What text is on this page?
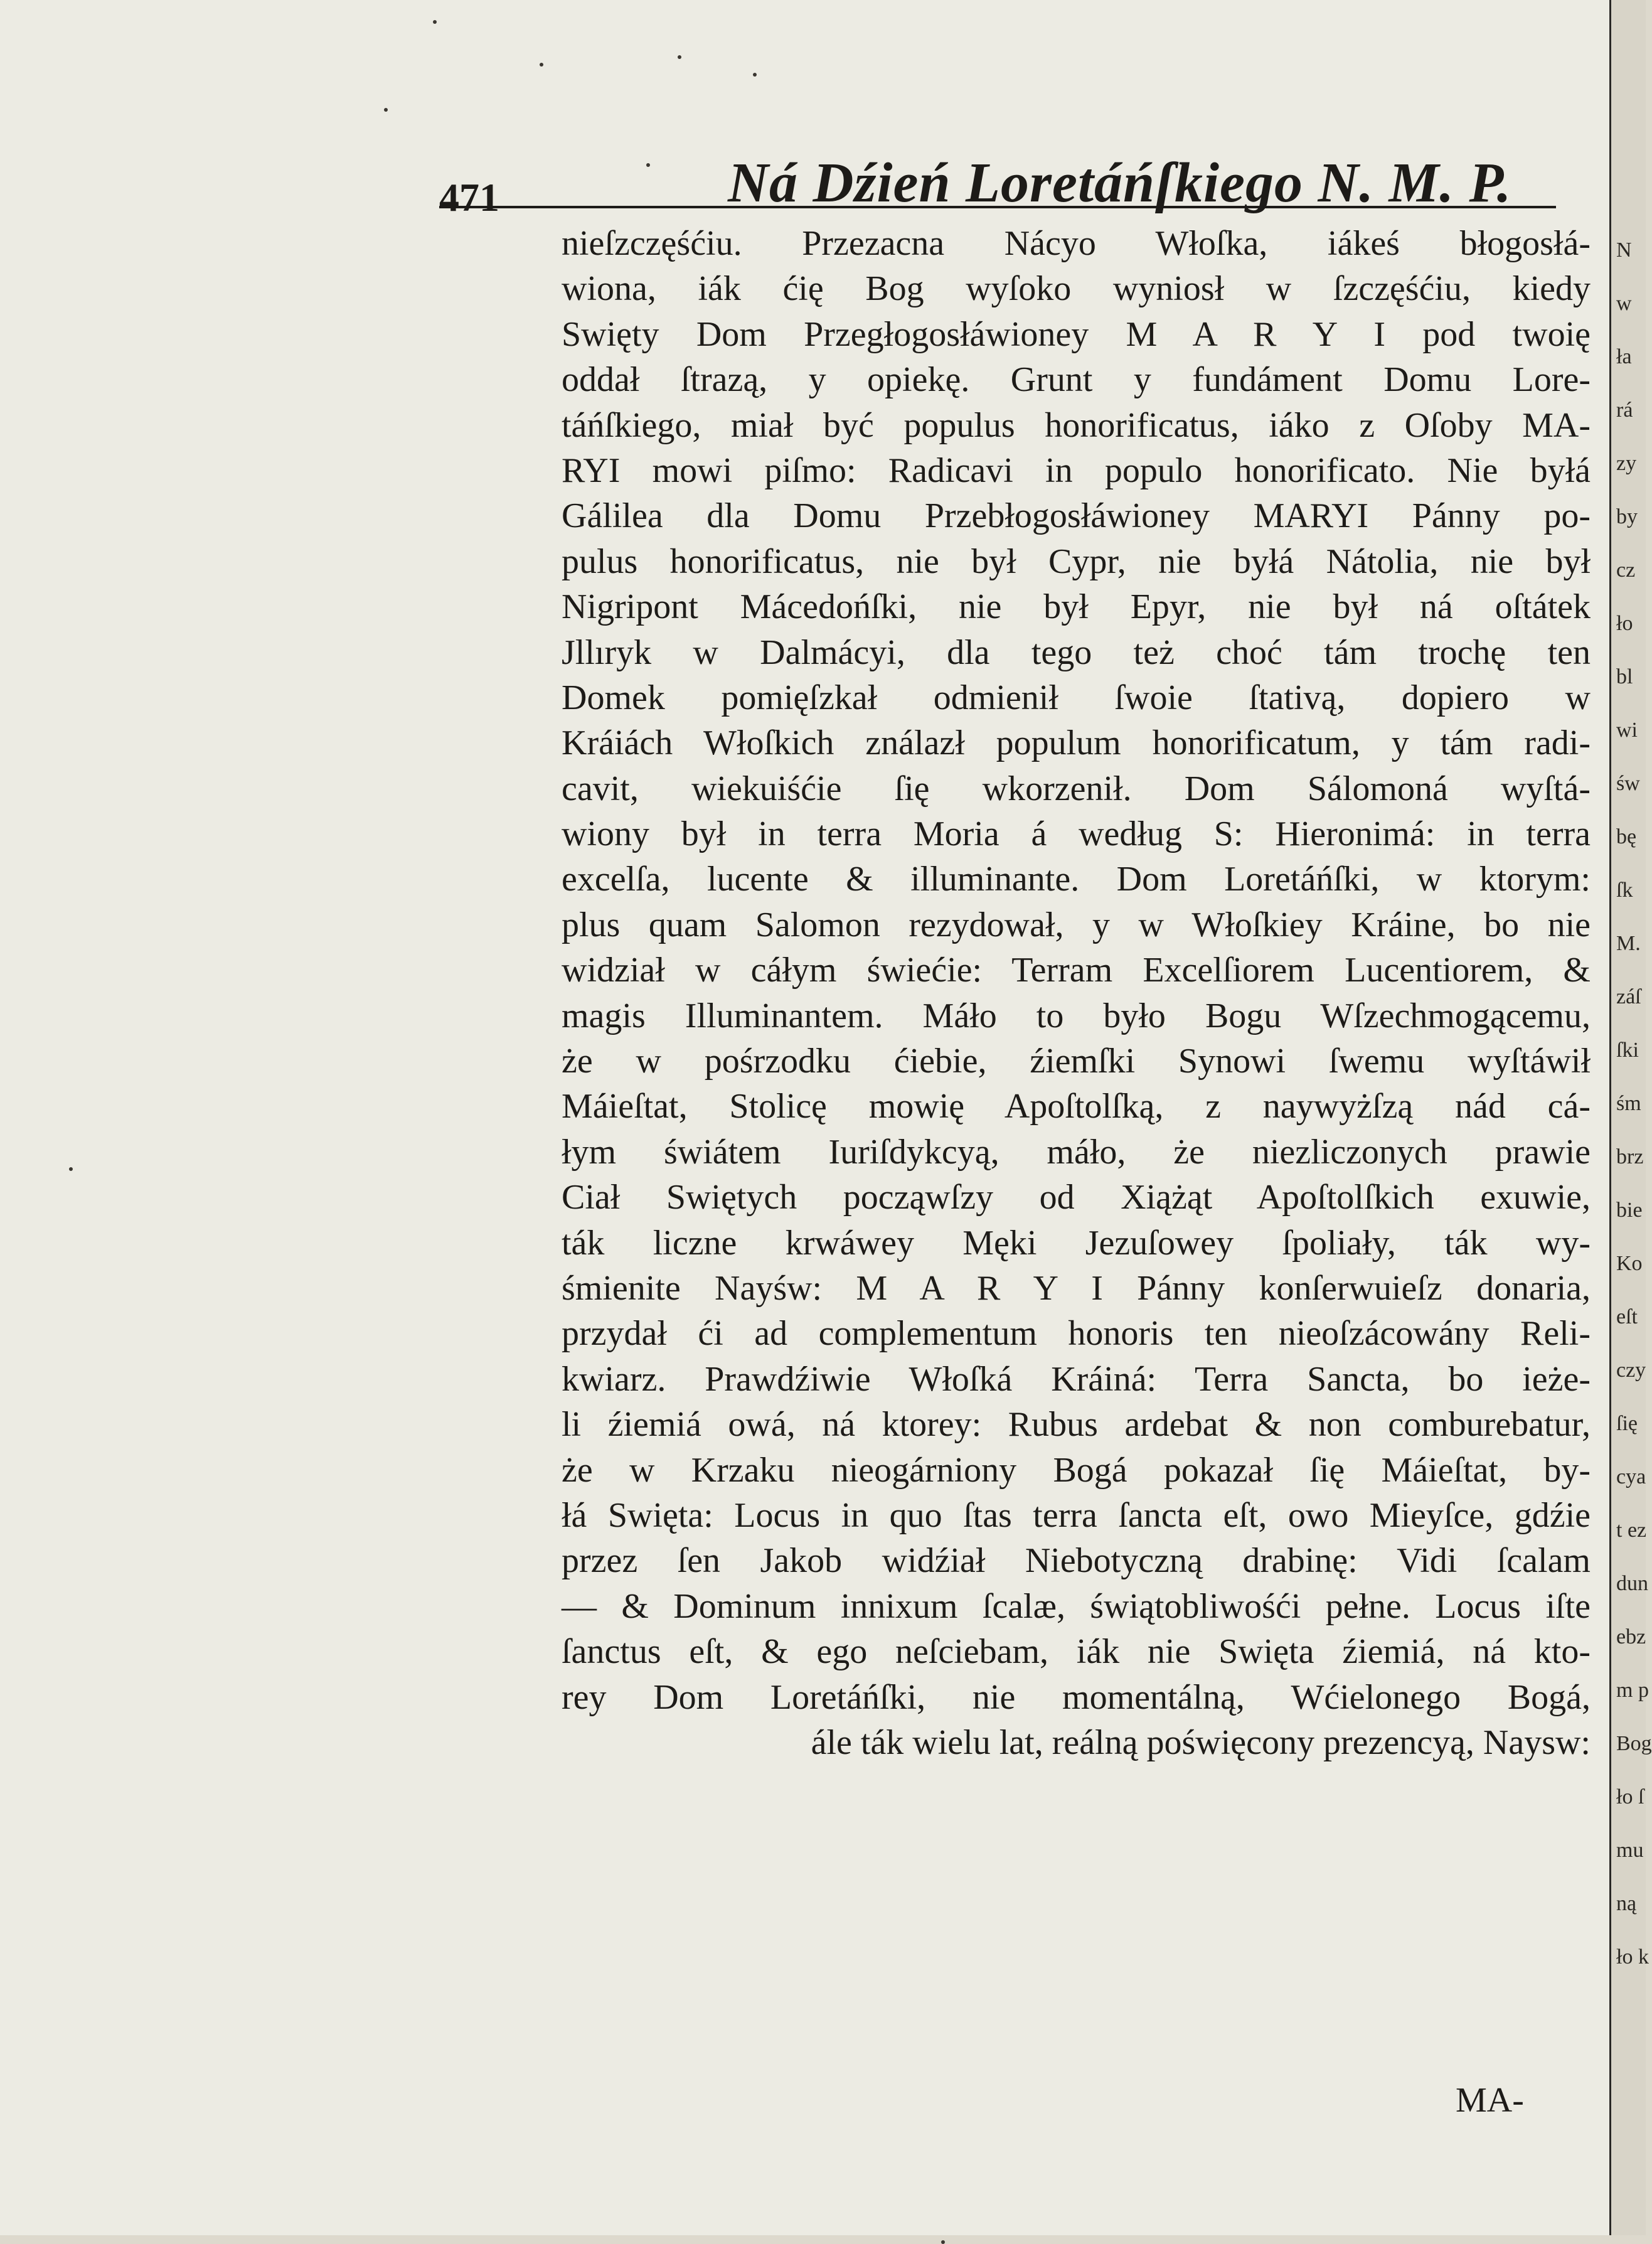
471	Ná Dźień Loretáńſkiego N. M. P.
nieſzczęśćiu. Przezacna Nácyo Włoſka, iákeś błogosłá-
wiona, iák ćię Bog wyſoko wyniosł w ſzczęśćiu, kiedy
Swięty Dom Przegłogosłáwioney M A R Y I pod twoię
oddał ſtrazą, y opiekę. Grunt y fundáment Domu Lore-
táńſkiego, miał być populus honorificatus, iáko z Oſoby MA-
RYI mowi piſmo: Radicavi in populo honorificato. Nie byłá
Gálilea dla Domu Przebłogosłáwioney MARYI Pánny po-
pulus honorificatus, nie był Cypr, nie byłá Nátolia, nie był
Nigripont Mácedońſki, nie był Epyr, nie był ná oſtátek
Jllıryk w Dalmácyi, dla tego też choć tám trochę ten
Domek pomięſzkał odmienił ſwoie ſtativą, dopiero w
Kráiách Włoſkich ználazł populum honorificatum, y tám radi-
cavit, wiekuiśćie ſię wkorzenił. Dom Sálomoná wyſtá-
wiony był in terra Moria á według S: Hieronimá: in terra
excelſa, lucente & illuminante. Dom Loretáńſki, w ktorym:
plus quam Salomon rezydował, y w Włoſkiey Kráine, bo nie
widział w cáłym świećie: Terram Excelſiorem Lucentiorem, &
magis Illuminantem. Máło to było Bogu Wſzechmogącemu,
że w pośrzodku ćiebie, źiemſki Synowi ſwemu wyſtáwił
Máieſtat, Stolicę mowię Apoſtolſką, z naywyżſzą nád cá-
łym świátem Iuriſdykcyą, máło, że niezliczonych prawie
Ciał Swiętych począwſzy od Xiążąt Apoſtolſkich exuwie,
ták liczne krwáwey Męki Jezuſowey ſpoliały, ták wy-
śmienite Nayśw: M A R Y I Pánny konſerwuieſz donaria,
przydał ći ad complementum honoris ten nieoſzácowány Reli-
kwiarz. Prawdźiwie Włoſká Kráiná: Terra Sancta, bo ieże-
li źiemiá owá, ná ktorey: Rubus ardebat & non comburebatur,
że w Krzaku nieogárniony Bogá pokazał ſię Máieſtat, by-
łá Swięta: Locus in quo ſtas terra ſancta eſt, owo Mieyſce, gdźie
przez ſen Jakob widźiał Niebotyczną drabinę: Vidi ſcalam
— & Dominum innixum ſcalæ, świątobliwośći pełne. Locus iſte
ſanctus eſt, & ego neſciebam, iák nie Swięta źiemiá, ná kto-
rey Dom Loretáńſki, nie momentálną, Wćielonego Bogá,
ále ták wielu lat, reálną poświęcony prezencyą, Naysw:
MA-
N
w
ła
rá
zy
by
cz
ło
bl
wi
św
bę
ſk
M.
záſ
ſki
śm
brz
bie
Ko
eſt
czy
ſię
cya
t ez
dun
ebz
m p
Bog
ło ſ
mu
ną
ło k
